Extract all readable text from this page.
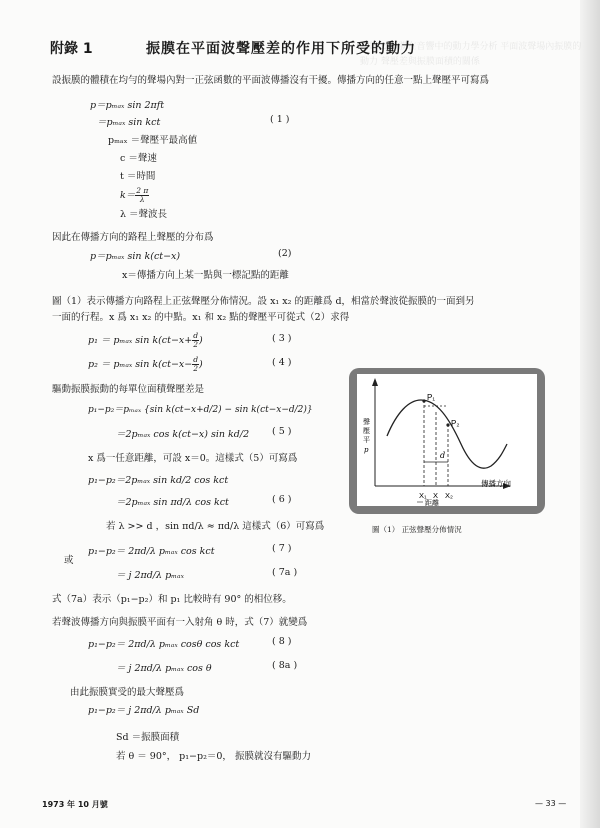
附錄 2 振膜在音響中的動力學分析 平面波聲場內振膜的動力 聲壓差與振膜面積的關係
附錄 1	振膜在平面波聲壓差的作用下所受的動力
設振膜的體積在均勻的聲場內對一正弦函數的平面波傳播沒有干擾。傳播方向的任意一點上聲壓平可寫爲
p＝pₘₐₓ sin 2πft
＝pₘₐₓ sin kct	( 1 )
pₘₐₓ ＝聲壓平最高値
c ＝聲速
t ＝時間
$k= \frac{2 \pi}{\lambda}$
λ ＝聲波長
因此在傳播方向的路程上聲壓的分布爲
p＝pₘₐₓ sin k(ct−x)	(2)
x＝傳播方向上某一點與一標記點的距離
圖（1）表示傳播方向路程上正弦聲壓分佈情況。設 x₁ x₂ 的距離爲 d，相當於聲波從振膜的一面到另
一面的行程。x 爲 x₁ x₂ 的中點。x₁ 和 x₂ 點的聲壓平可從式（2）求得
p₁ ＝ pₘₐₓ $\sin k(ct-x+ \frac{d}{2}$ )	( 3 )
p₂ ＝ pₘₐₓ $\sin k(ct-x- \frac{d}{2}$ )	( 4 )
驅動振膜振動的每單位面積聲壓差是
p₁−p₂＝pₘₐₓ {sin k(ct−x+d/2) − sin k(ct−x−d/2)}
＝2pₘₐₓ cos k(ct−x) sin kd/2 ( 5 )
x 爲一任意距離，可設 x＝0。這樣式（5）可寫爲
p₁−p₂＝2pₘₐₓ sin kd/2 cos kct
＝2pₘₐₓ sin πd/λ cos kct	( 6 )
若 λ >> d ，sin πd/λ ≈ πd/λ 這樣式（6）可寫爲
p₁−p₂＝ 2πd/λ pₘₐₓ cos kct	( 7 )
或
＝ j 2πd/λ pₘₐₓ	( 7a )
式（7a）表示（p₁−p₂）和 p₁ 比較時有 90° 的相位移。
若聲波傳播方向與振膜平面有一入射角 θ 時，式（7）就變爲
p₁−p₂＝ 2πd/λ pₘₐₓ cosθ cos kct	( 8 )
＝ j 2πd/λ pₘₐₓ cos θ	( 8a )
由此振膜實受的最大聲壓爲
p₁−p₂＝ j 2πd/λ pₘₐₓ Sd
Sd ＝振膜面積
若 θ ＝ 90°， p₁−p₂＝0， 振膜就沒有驅動力
P₁
P₂
d
X₁ X X₂
聲
壓
平
p
距離
傳播方向
圖（1） 正弦聲壓分佈情況
1973 年 10 月號	— 33 —
